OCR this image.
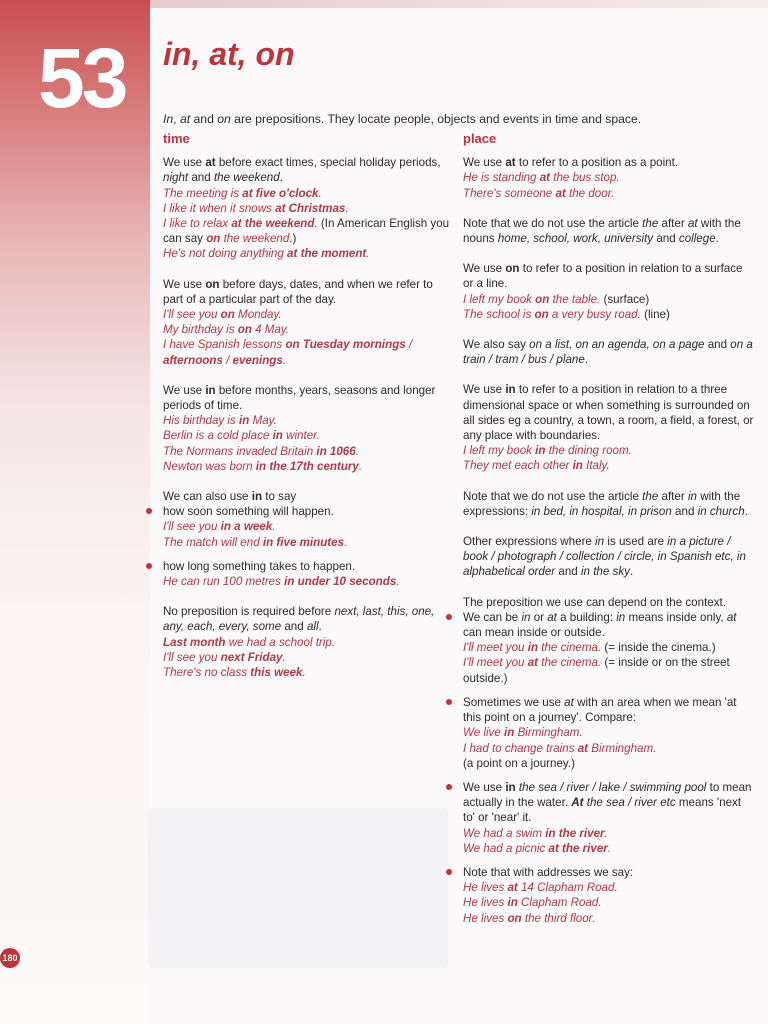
53 in, at, on

In, at and on are prepositions. They locate people, objects and events in time and space.

time

We use at before exact times, special holiday periods, night and the weekend.

The meeting is at five o'clock.

I like it when it snows at Christmas.

I like to relax at the weekend. (In American English you can say on the weekend.)

He's not doing anything at the moment.

We use on before days, dates, and when we refer to part of a particular part of the day.

I'll see you on Monday.

My birthday is on 4 May.

I have Spanish lessons on Tuesday mornings / afternoons / evenings.

We use in before months, years, seasons and longer periods of time.

His birthday is in May.

Berlin is a cold place in winter.

The Normans invaded Britain in 1066.

Newton was born in the 17th century.

We can also use in to say

how soon something will happen.

I'll see you in a week.

The match will end in five minutes.

how long something takes to happen.

He can run 100 metres in under 10 seconds.

No preposition is required before next, last, this, one, any, each, every, some and all.

Last month we had a school trip.

I'll see you next Friday.

There's no class this week.

place

We use at to refer to a position as a point.

He is standing at the bus stop.

There's someone at the door.

Note that we do not use the article the after at with the nouns home, school, work, university and college.

We use on to refer to a position in relation to a surface or a line.

I left my book on the table. (surface)

The school is on a very busy road. (line)

We also say on a list, on an agenda, on a page and on a train / tram / bus / plane.

We use in to refer to a position in relation to a three dimensional space or when something is surrounded on all sides eg a country, a town, a room, a field, a forest, or any place with boundaries.

I left my book in the dining room.

They met each other in Italy.

Note that we do not use the article the after in with the expressions: in bed, in hospital, in prison and in church.

Other expressions where in is used are in a picture / book / photograph / collection / circle, in Spanish etc, in alphabetical order and in the sky.

The preposition we use can depend on the context.

We can be in or at a building: in means inside only, at can mean inside or outside.

I'll meet you in the cinema. (= inside the cinema.)

I'll meet you at the cinema. (= inside or on the street outside.)

Sometimes we use at with an area when we mean 'at this point on a journey'. Compare:

We live in Birmingham.

I had to change trains at Birmingham.

(a point on a journey.)

We use in the sea / river / lake / swimming pool to mean actually in the water. At the sea / river etc means 'next to' or 'near' it.

We had a swim in the river.

We had a picnic at the river.

Note that with addresses we say:

He lives at 14 Clapham Road.

He lives in Clapham Road.

He lives on the third floor.

180
